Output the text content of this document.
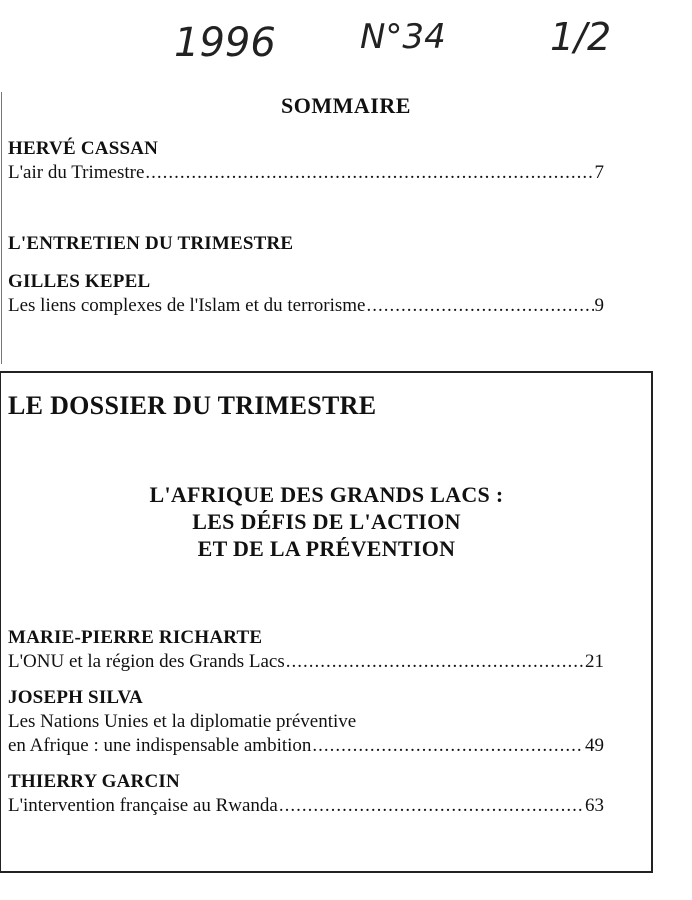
1996 N°34	1/2
SOMMAIRE
HERVÉ CASSAN
L'air du Trimestre .....	7
L'ENTRETIEN DU TRIMESTRE
GILLES KEPEL
Les liens complexes de l'Islam et du terrorisme .....	9
LE DOSSIER DU TRIMESTRE
L'AFRIQUE DES GRANDS LACS :
LES DÉFIS DE L'ACTION
ET DE LA PRÉVENTION
MARIE-PIERRE RICHARTE
L'ONU et la région des Grands Lacs .....	21
JOSEPH SILVA
Les Nations Unies et la diplomatie préventive
en Afrique : une indispensable ambition .....	49
THIERRY GARCIN
L'intervention française au Rwanda .....	63
